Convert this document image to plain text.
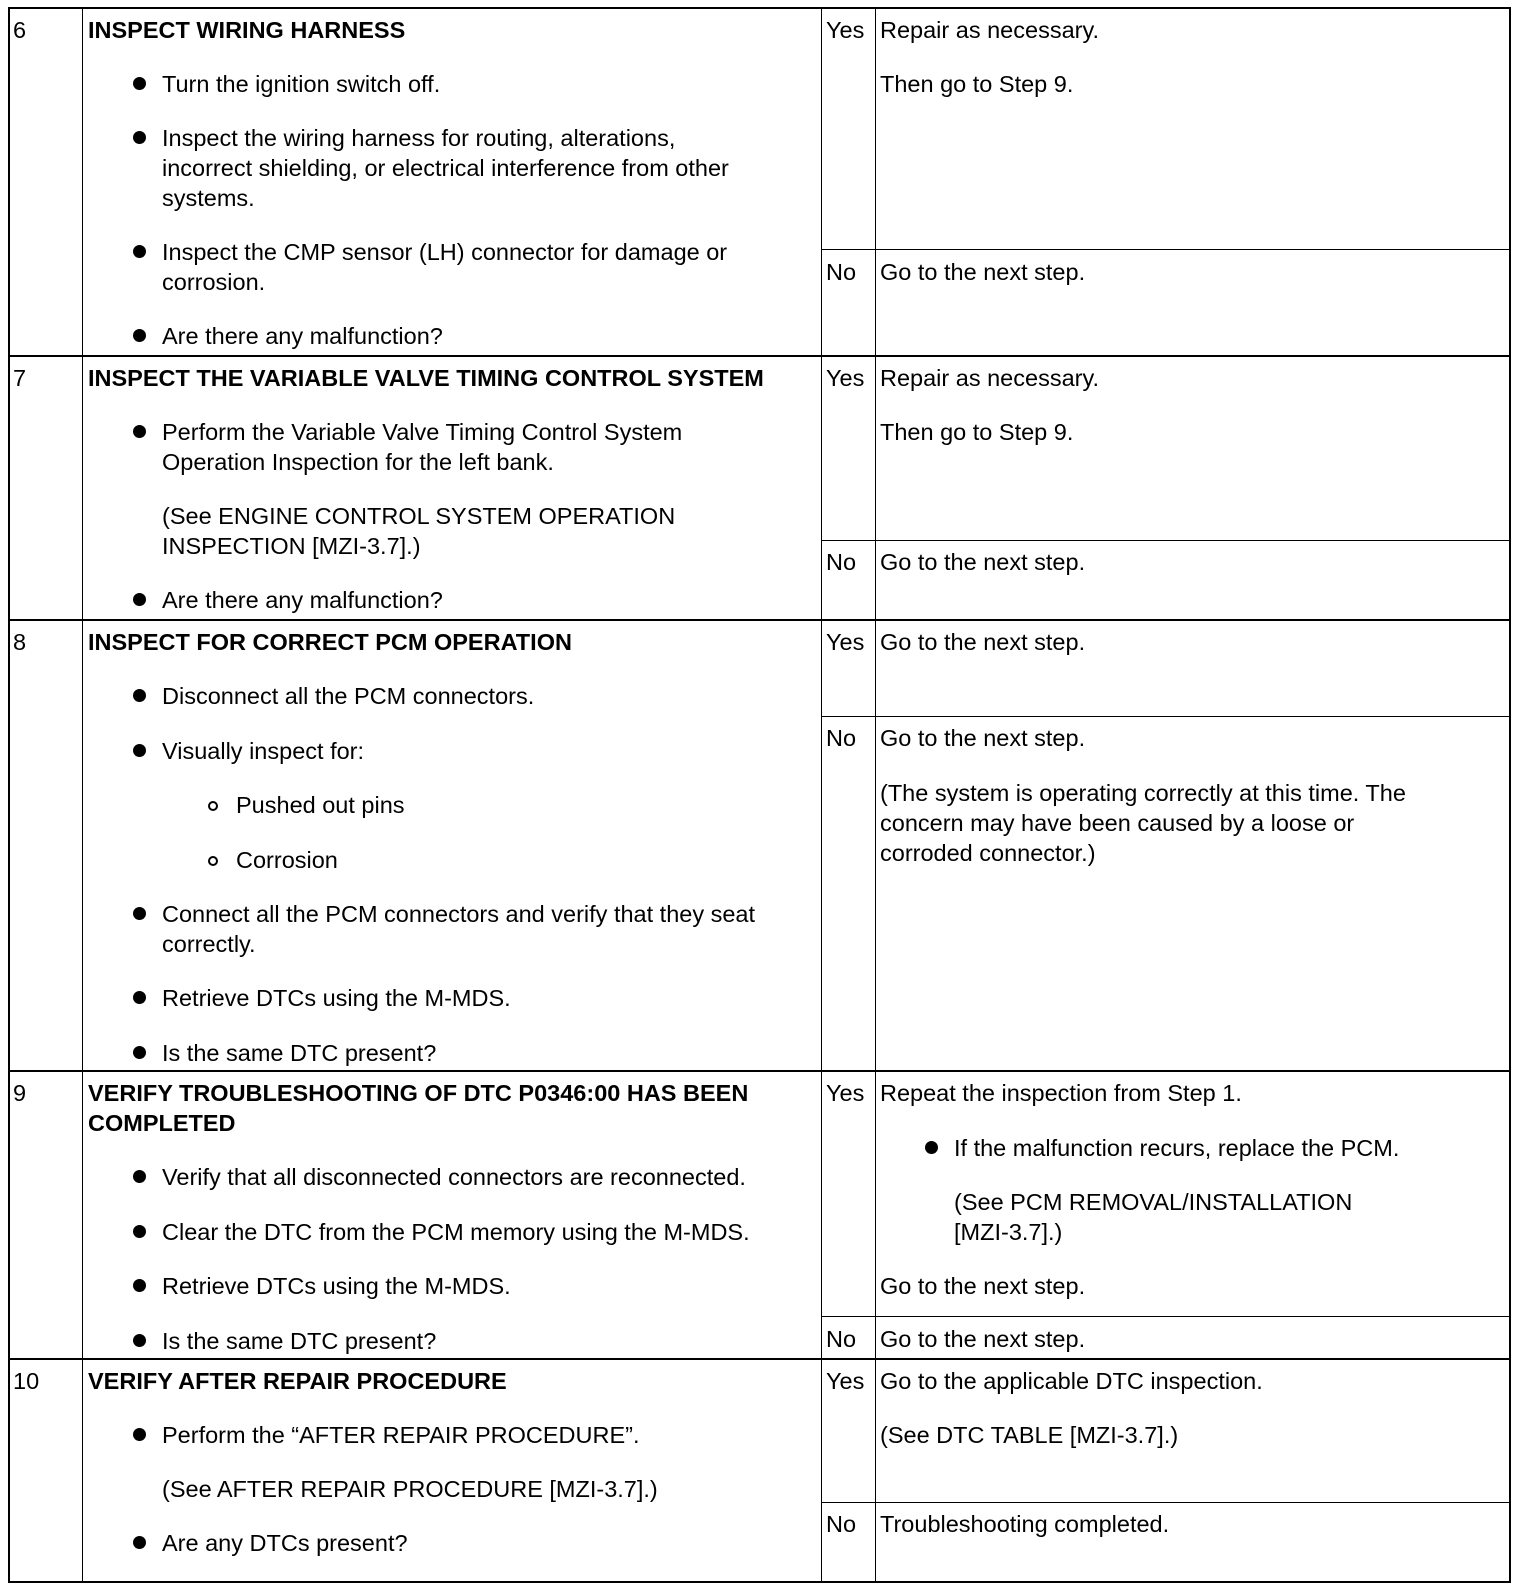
6	INSPECT WIRING HARNESS
Turn the ignition switch off.
Inspect the wiring harness for routing, alterations,
incorrect shielding, or electrical interference from other
systems.
Inspect the CMP sensor (LH) connector for damage or
corrosion.
Are there any malfunction?
Yes Repair as necessary.
Then go to Step 9.
No Go to the next step.
7	INSPECT THE VARIABLE VALVE TIMING CONTROL SYSTEM
Perform the Variable Valve Timing Control System
Operation Inspection for the left bank.
(See ENGINE CONTROL SYSTEM OPERATION
INSPECTION [MZI-3.7].)
Are there any malfunction?
Yes Repair as necessary.
Then go to Step 9.
No Go to the next step.
8	INSPECT FOR CORRECT PCM OPERATION
Disconnect all the PCM connectors.
Visually inspect for:
Pushed out pins
Corrosion
Connect all the PCM connectors and verify that they seat
correctly.
Retrieve DTCs using the M-MDS.
Is the same DTC present?
Yes Go to the next step.
No Go to the next step.
(The system is operating correctly at this time. The
concern may have been caused by a loose or
corroded connector.)
9	VERIFY TROUBLESHOOTING OF DTC P0346:00 HAS BEEN
COMPLETED
Verify that all disconnected connectors are reconnected.
Clear the DTC from the PCM memory using the M-MDS.
Retrieve DTCs using the M-MDS.
Is the same DTC present?
Yes Repeat the inspection from Step 1.
If the malfunction recurs, replace the PCM.
(See PCM REMOVAL/INSTALLATION
[MZI-3.7].)
Go to the next step.
No Go to the next step.
10 VERIFY AFTER REPAIR PROCEDURE
Perform the “AFTER REPAIR PROCEDURE”.
(See AFTER REPAIR PROCEDURE [MZI-3.7].)
Are any DTCs present?
Yes Go to the applicable DTC inspection.
(See DTC TABLE [MZI-3.7].)
No Troubleshooting completed.
